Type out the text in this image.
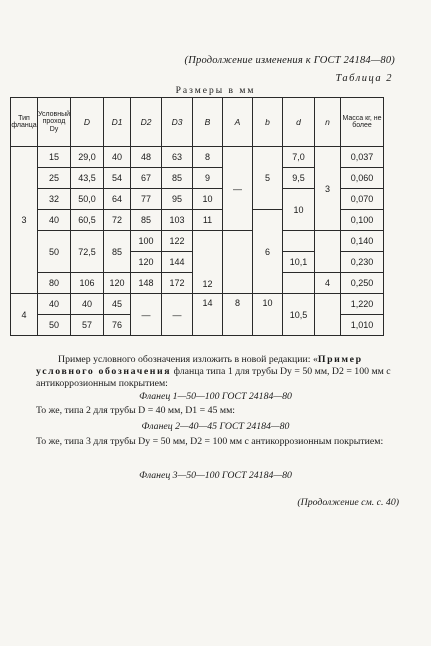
(Продолжение изменения к ГОСТ 24184—80)
Таблица 2
Размеры в мм
Тип фланца	Условный проход Dy	D	D1	D2	D3	B	A	b	d	n	Масса кг, не более
3	15	29,0	40	48	63	8	—	5	7,0	3	0,037
	25	43,5	54	67	85	9			9,5		0,060
	32	50,0	64	77	95	10			10		0,070
	40	60,5	72	85	103	11		6			0,100
	50	72,5	85	100	122	12					0,140
				120	144				10,1		0,230
	80	106	120	148	172					4	0,250
4	40	40	45	—	—	14	8	10	10,5		1,220
	50	57	76								1,010
Пример условного обозначения изложить в новой редакции: «Пример условного обозначения фланца типа 1 для трубы Dy = 50 мм, D2 = 100 мм с антикоррозионным покрытием:
Фланец 1—50—100 ГОСТ 24184—80
То же, типа 2 для трубы D = 40 мм, D1 = 45 мм:
Фланец 2—40—45 ГОСТ 24184—80
То же, типа 3 для трубы Dy = 50 мм, D2 = 100 мм с антикоррозионным покрытием:
Фланец 3—50—100 ГОСТ 24184—80
(Продолжение см. с. 40)
